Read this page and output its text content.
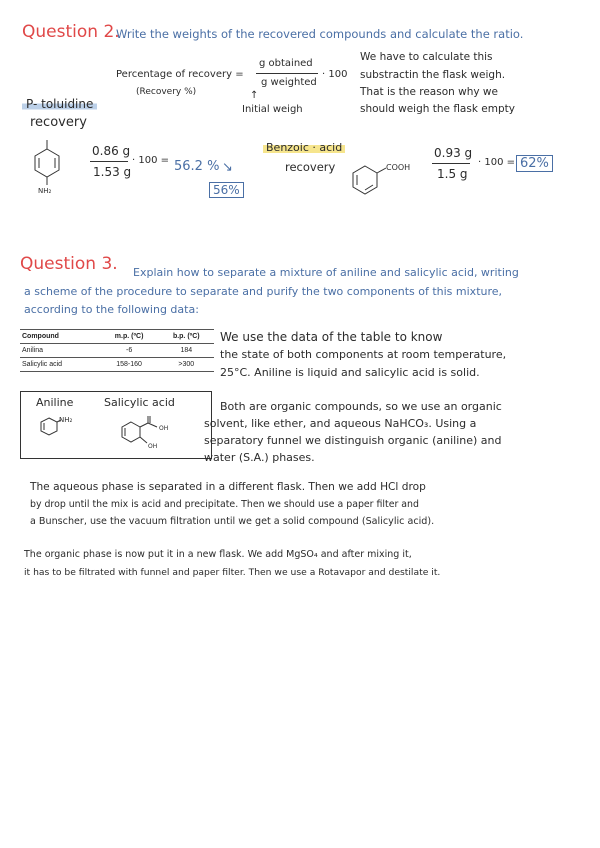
Question 2.
Write the weights of the recovered compounds and calculate the ratio.
Percentage of recovery =
(Recovery %)
g obtained
g weighted
· 100
↑
Initial weigh
We have to calculate this
substractin the flask weigh.
That is the reason why we
should weigh the flask empty
P- toluidine
recovery
NH₂
0.86 g
1.53 g
· 100 = 56.2 % ↘
56%
Benzoic · acid
recovery	COOH
0.93 g
1.5 g
· 100 = 62%
Question 3. Explain how to separate a mixture of aniline and salicylic acid, writing
a scheme of the procedure to separate and purify the two components of this mixture,
according to the following data:
Compound	m.p. (ºC)	b.p. (ºC)
Anilina	-6	184
Salicylic acid	158-160	>300
We use the data of the table to know
the state of both components at room temperature,
25°C. Aniline is liquid and salicylic acid is solid.
Aniline	Salicylic acid
NH₂
OH
OH
Both are organic compounds, so we use an organic
solvent, like ether, and aqueous NaHCO₃. Using a
separatory funnel we distinguish organic (aniline) and
water (S.A.) phases.
The aqueous phase is separated in a different flask. Then we add HCl drop
by drop until the mix is acid and precipitate. Then we should use a paper filter and
a Bunscher, use the vacuum filtration until we get a solid compound (Salicylic acid).
The organic phase is now put it in a new flask. We add MgSO₄ and after mixing it,
it has to be filtrated with funnel and paper filter. Then we use a Rotavapor and destilate it.
